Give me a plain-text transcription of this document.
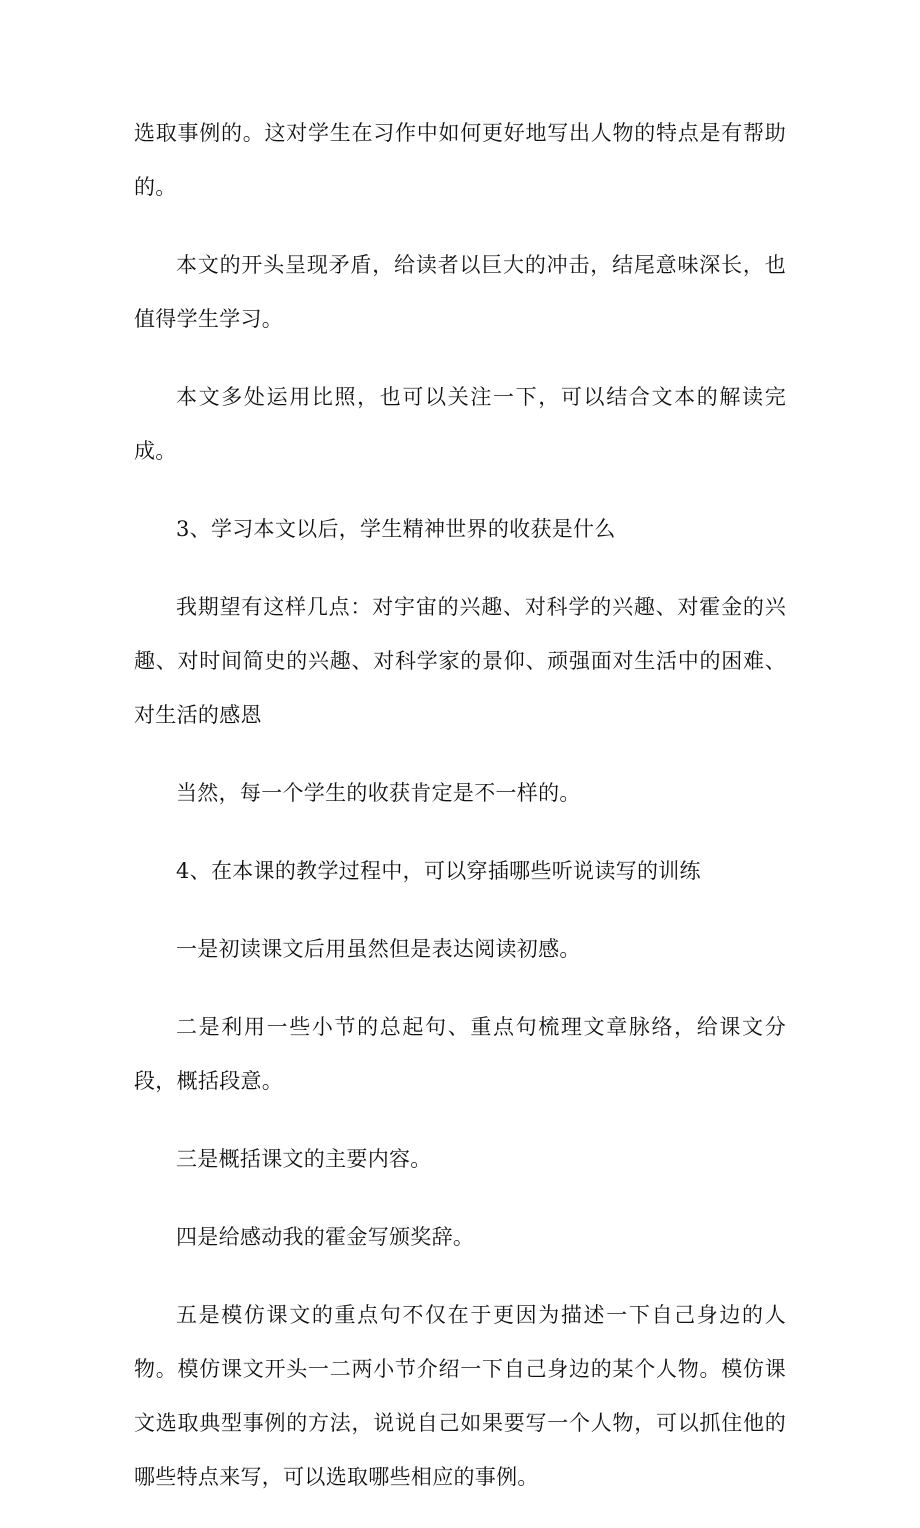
选取事例的。这对学生在习作中如何更好地写出人物的特点是有帮助的。

本文的开头呈现矛盾，给读者以巨大的冲击，结尾意味深长，也值得学生学习。

本文多处运用比照，也可以关注一下，可以结合文本的解读完成。

3、学习本文以后，学生精神世界的收获是什么

我期望有这样几点：对宇宙的兴趣、对科学的兴趣、对霍金的兴趣、对时间简史的兴趣、对科学家的景仰、顽强面对生活中的困难、对生活的感恩

当然，每一个学生的收获肯定是不一样的。

4、在本课的教学过程中，可以穿插哪些听说读写的训练

一是初读课文后用虽然但是表达阅读初感。

二是利用一些小节的总起句、重点句梳理文章脉络，给课文分段，概括段意。

三是概括课文的主要内容。

四是给感动我的霍金写颁奖辞。

五是模仿课文的重点句不仅在于更因为描述一下自己身边的人物。模仿课文开头一二两小节介绍一下自己身边的某个人物。模仿课文选取典型事例的方法，说说自己如果要写一个人物，可以抓住他的哪些特点来写，可以选取哪些相应的事例。
